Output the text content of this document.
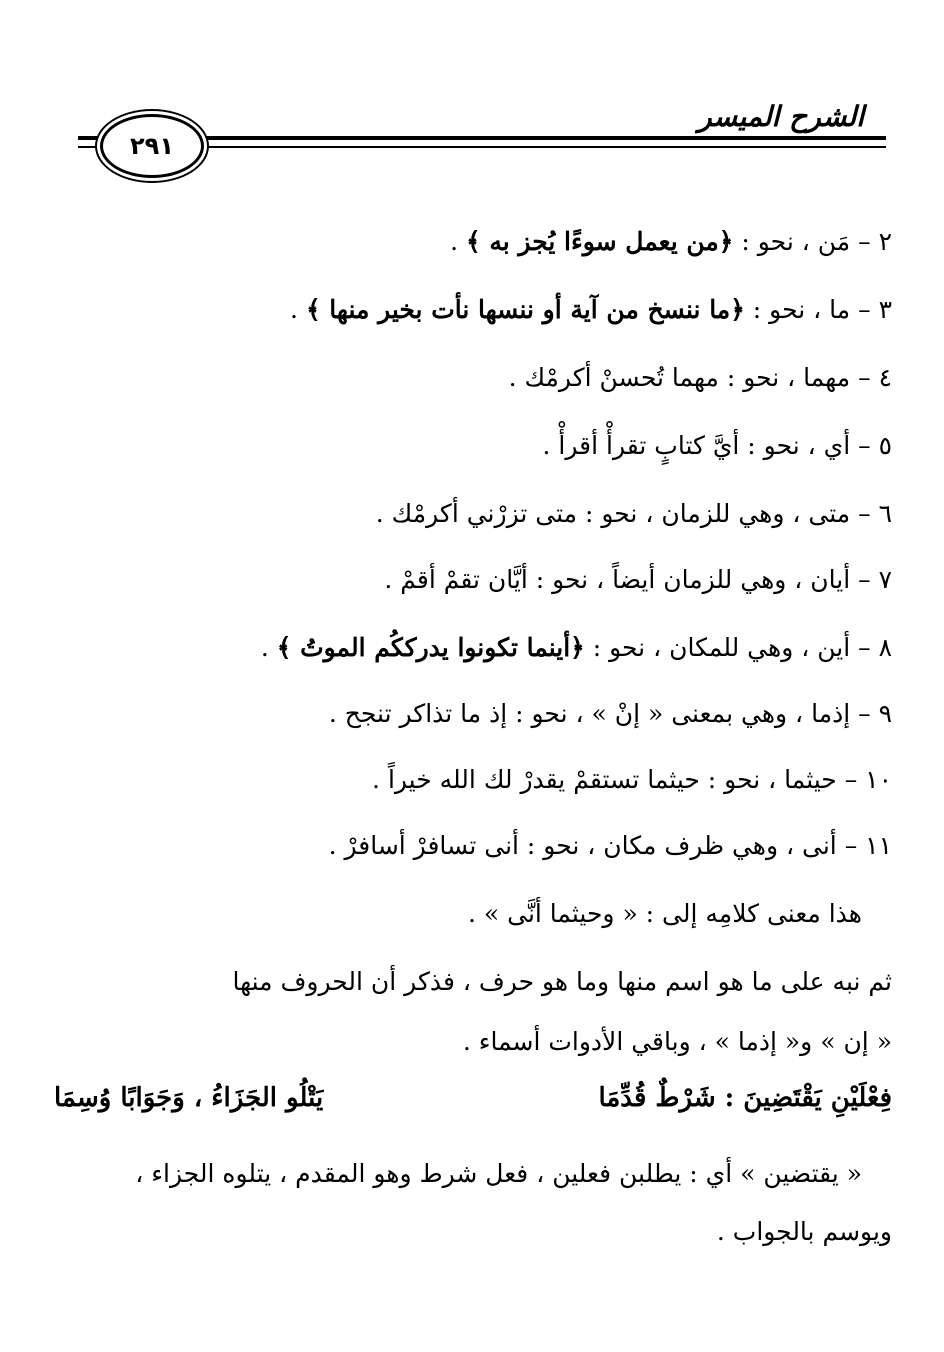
الشرح الميسر
٢٩١
٢ – مَن ، نحو : ﴿من يعمل سوءًا يُجز به ﴾ .
٣ – ما ، نحو : ﴿ما ننسخ من آية أو ننسها نأت بخير منها ﴾ .
٤ – مهما ، نحو : مهما تُحسنْ أكرمْك .
٥ – أي ، نحو : أيَّ كتابٍ تقرأْ أقرأْ .
٦ – متى ، وهي للزمان ، نحو : متى تزرْني أكرمْك .
٧ – أيان ، وهي للزمان أيضاً ، نحو : أيَّان تقمْ أقمْ .
٨ – أين ، وهي للمكان ، نحو : ﴿أينما تكونوا يدرككُم الموتُ ﴾ .
٩ – إذما ، وهي بمعنى « إنْ » ، نحو : إذ ما تذاكر تنجح .
١٠ – حيثما ، نحو : حيثما تستقمْ يقدرْ لك الله خيراً .
١١ – أنى ، وهي ظرف مكان ، نحو : أنى تسافرْ أسافرْ .
هذا معنى كلامِه إلى : « وحيثما أنَّى » .
ثم نبه على ما هو اسم منها وما هو حرف ، فذكر أن الحروف منها
« إن » و« إذما » ، وباقي الأدوات أسماء .
فِعْلَيْنِ يَقْتَضِينَ : شَرْطٌ قُدِّمَا
يَتْلُو الجَزَاءُ ، وَجَوَابًا وُسِمَا
« يقتضين » أي : يطلبن فعلين ، فعل شرط وهو المقدم ، يتلوه الجزاء ،
ويوسم بالجواب .
